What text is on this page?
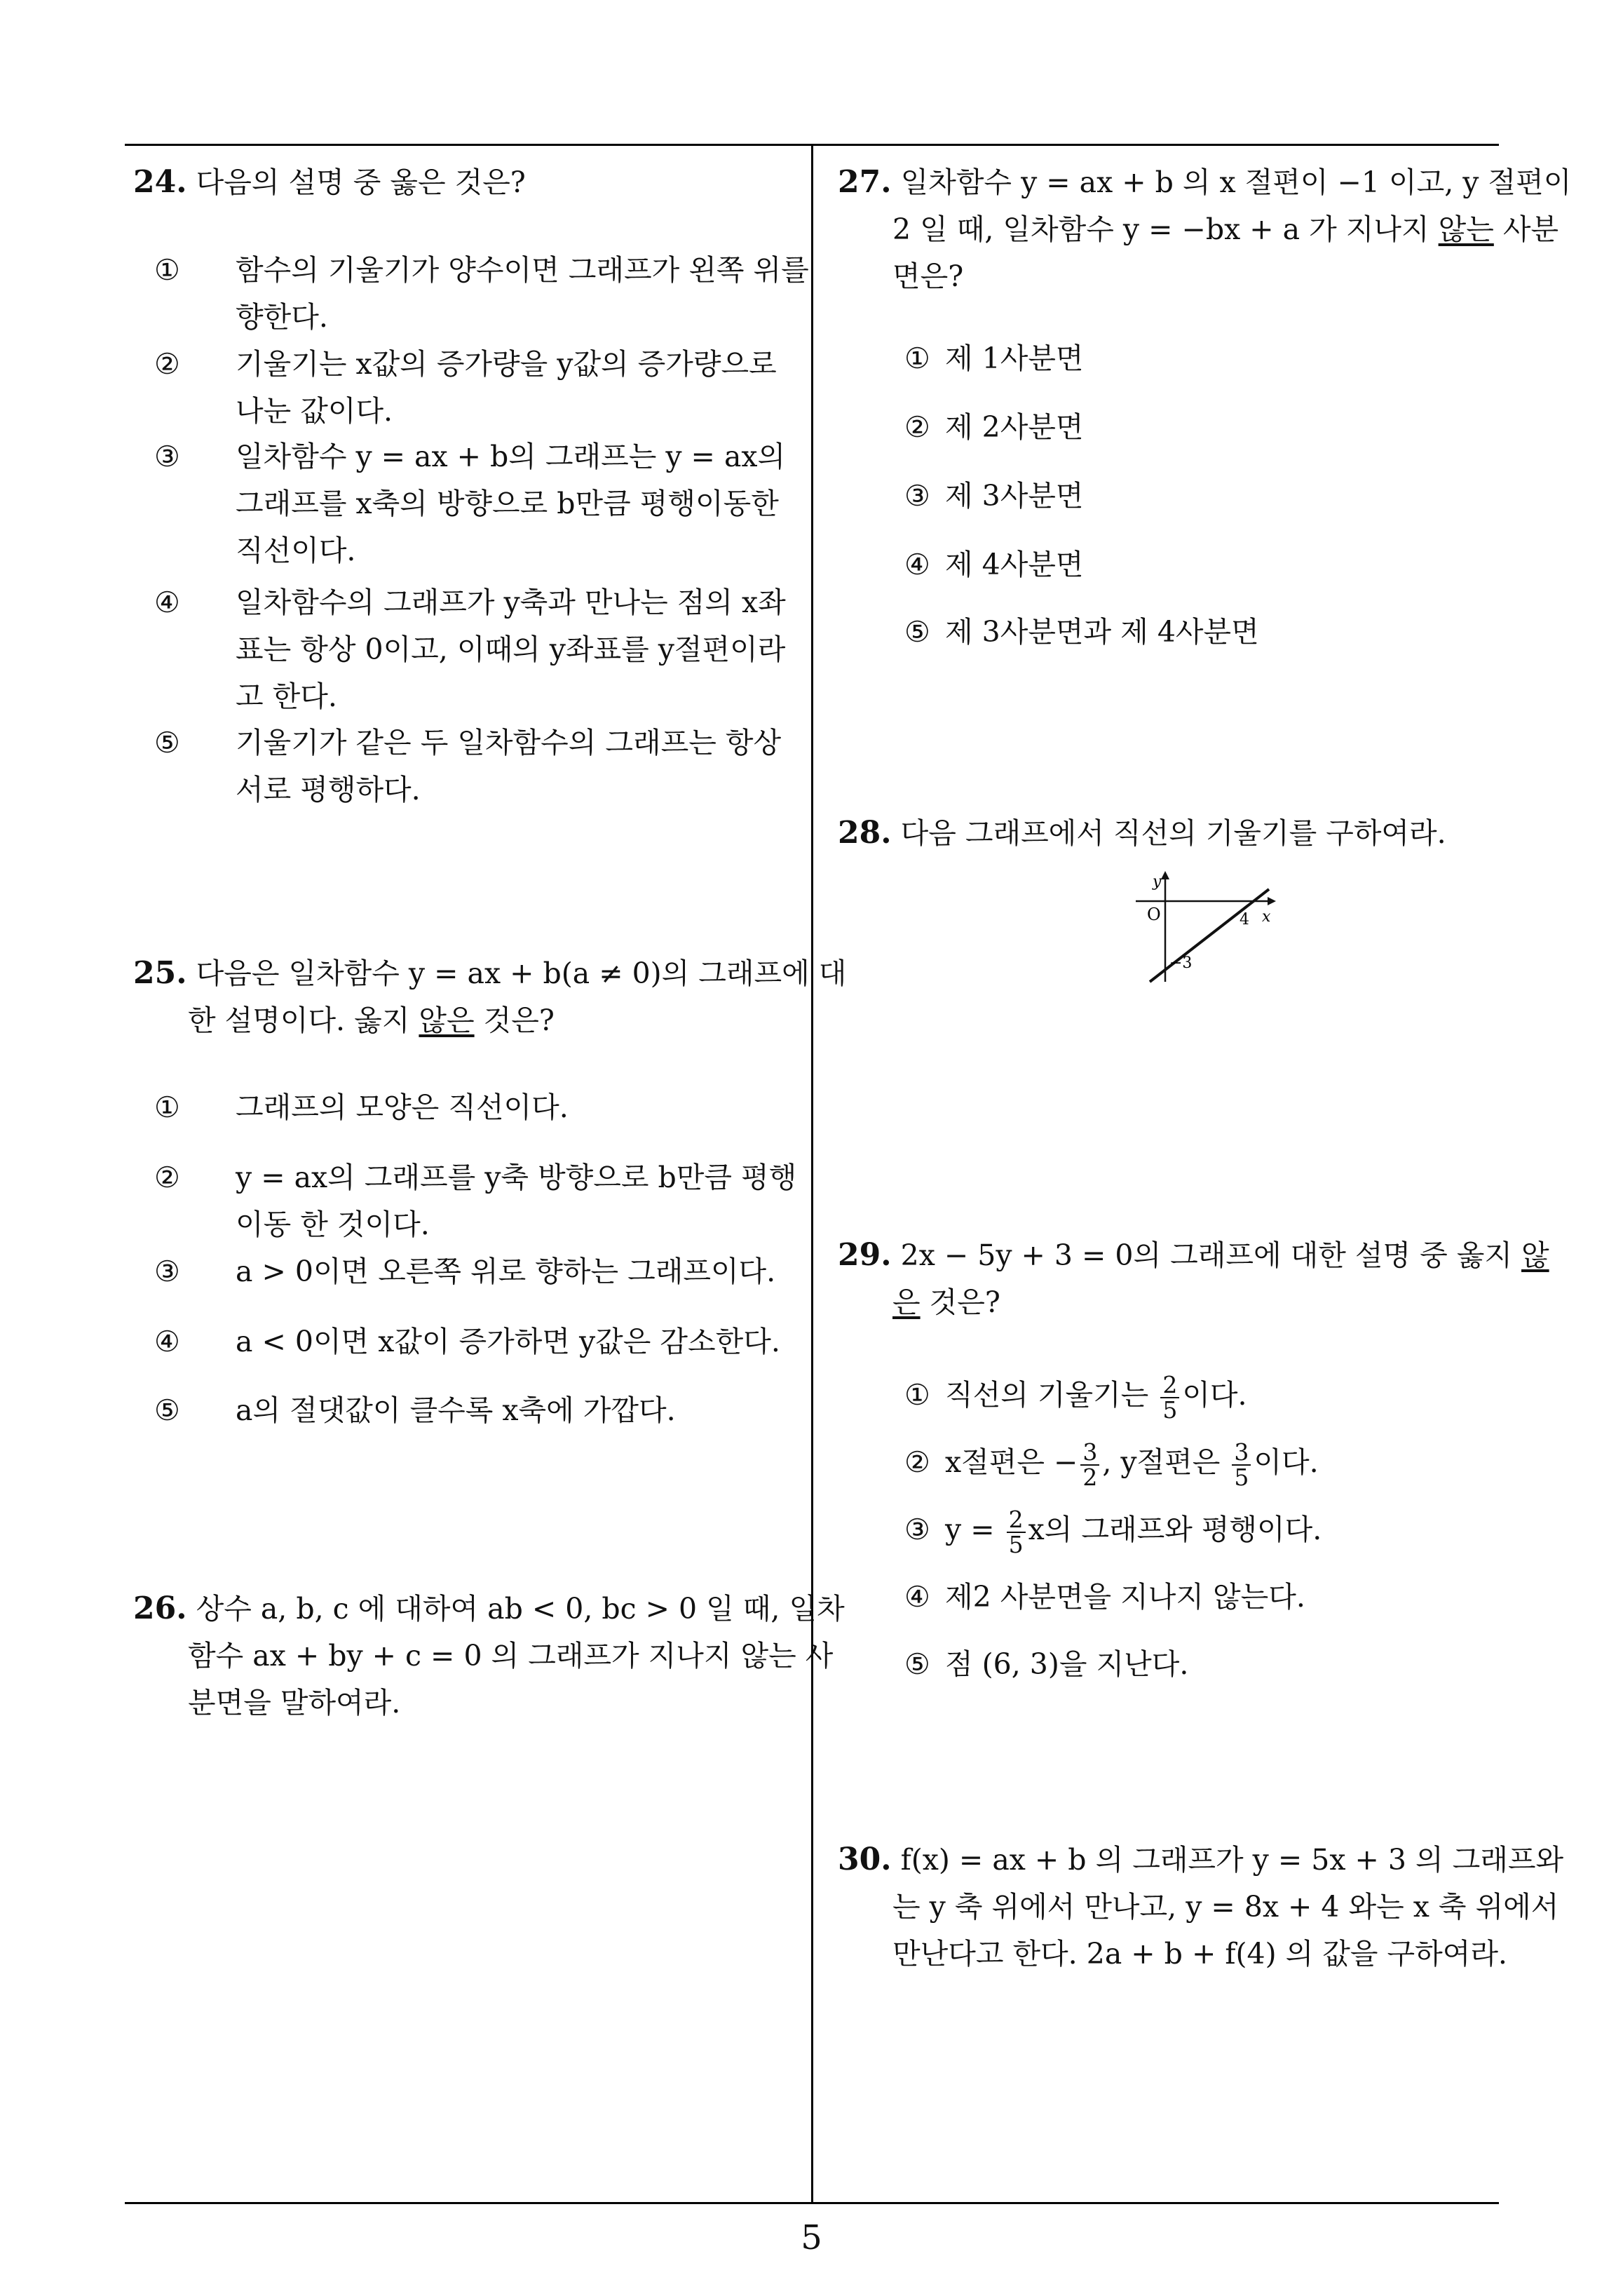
24. 다음의 설명 중 옳은 것은?
① 함수의 기울기가 양수이면 그래프가 왼쪽 위를 향한다.
② 기울기는 x값의 증가량을 y값의 증가량으로 나눈 값이다.
③ 일차함수 y = ax + b의 그래프는 y = ax의 그래프를 x축의 방향으로 b만큼 평행이동한 직선이다.
④ 일차함수의 그래프가 y축과 만나는 점의 x좌표는 항상 0이고, 이때의 y좌표를 y절편이라고 한다.
⑤ 기울기가 같은 두 일차함수의 그래프는 항상 서로 평행하다.
25. 다음은 일차함수 y = ax + b(a ≠ 0)의 그래프에 대한 설명이다. 옳지 않은 것은?
① 그래프의 모양은 직선이다.
② y = ax의 그래프를 y축 방향으로 b만큼 평행이동 한 것이다.
③ a > 0이면 오른쪽 위로 향하는 그래프이다.
④ a < 0이면 x값이 증가하면 y값은 감소한다.
⑤ a의 절댓값이 클수록 x축에 가깝다.
26. 상수 a, b, c 에 대하여 ab < 0, bc > 0 일 때, 일차함수 ax + by + c = 0 의 그래프가 지나지 않는 사분면을 말하여라.
27. 일차함수 y = ax + b 의 x 절편이 −1 이고, y 절편이 2 일 때, 일차함수 y = −bx + a 가 지나지 않는 사분면은?
① 제 1사분면
② 제 2사분면
③ 제 3사분면
④ 제 4사분면
⑤ 제 3사분면과 제 4사분면
28. 다음 그래프에서 직선의 기울기를 구하여라.
y
x
O	4
−3
29. 2x − 5y + 3 = 0의 그래프에 대한 설명 중 옳지 않은 것은?
① 직선의 기울기는 $\frac{2}{5}$ 이다.
② x절편은 − $\frac{3}{2}$ , y절편은 $\frac{3}{5}$ 이다.
③ $y = \frac{2}{5}$ x의 그래프와 평행이다.
④ 제2 사분면을 지나지 않는다.
⑤ 점 (6, 3)을 지난다.
30. f(x) = ax + b 의 그래프가 y = 5x + 3 의 그래프와는 y 축 위에서 만나고, y = 8x + 4 와는 x 축 위에서 만난다고 한다. 2a + b + f(4) 의 값을 구하여라.
5
